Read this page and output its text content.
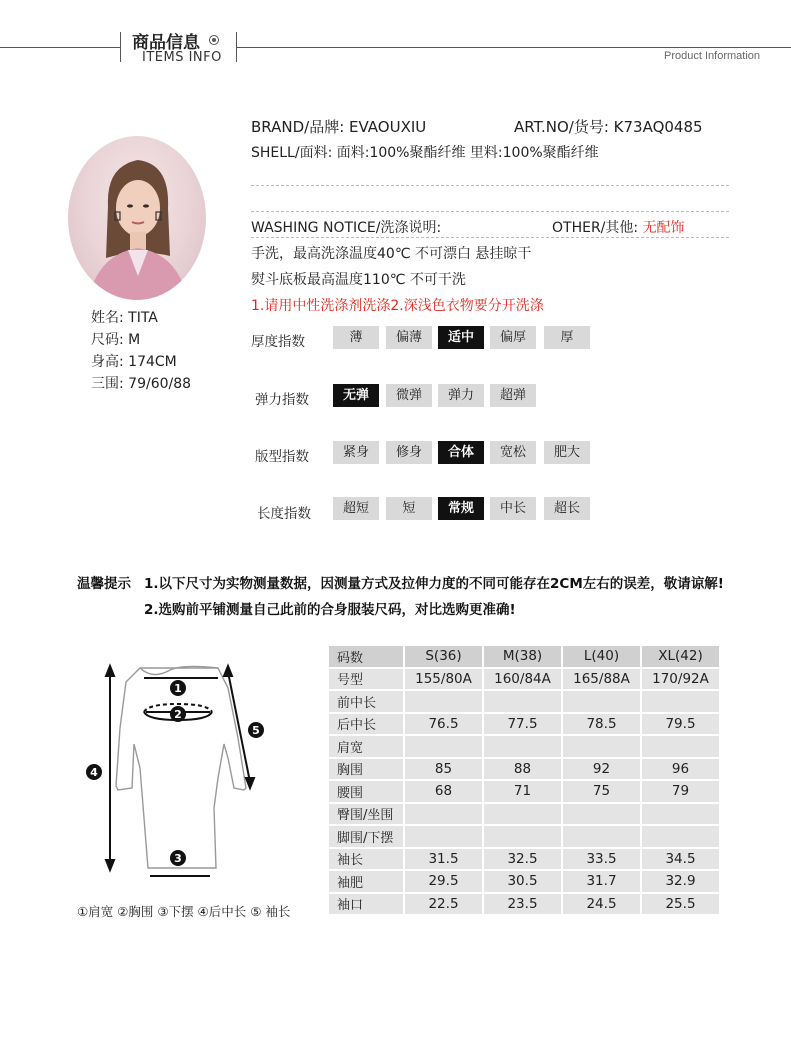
商品信息
ITEMS INFO	Product Information
姓名: TITA
尺码: M
身高: 174CM
三围: 79/60/88
BRAND/品牌: EVAOUXIU	ART.NO/货号: K73AQ0485
SHELL/面料: 面料:100%聚酯纤维 里料:100%聚酯纤维
WASHING NOTICE/洗涤说明:	OTHER/其他: 无配饰
手洗，最高洗涤温度40℃ 不可漂白 悬挂晾干
熨斗底板最高温度110℃ 不可干洗
1.请用中性洗涤剂洗涤2.深浅色衣物要分开洗涤
厚度指数	薄	偏薄	适中	偏厚	厚
弹力指数	无弹	微弹	弹力	超弹
版型指数	紧身	修身	合体	宽松	肥大
长度指数	超短	短	常规	中长	超长
温馨提示 1.以下尺寸为实物测量数据，因测量方式及拉伸力度的不同可能存在2CM左右的误差，敬请谅解!
2.选购前平铺测量自己此前的合身服装尺码，对比选购更准确!
1
2
3
4
5
①肩宽 ②胸围 ③下摆 ④后中长 ⑤ 袖长
码数	S(36)	M(38)	L(40)	XL(42)
号型	155/80A	160/84A	165/88A	170/92A
前中长				
后中长	76.5	77.5	78.5	79.5
肩宽				
胸围	85	88	92	96
腰围	68	71	75	79
臀围/坐围				
脚围/下摆				
袖长	31.5	32.5	33.5	34.5
袖肥	29.5	30.5	31.7	32.9
袖口	22.5	23.5	24.5	25.5
